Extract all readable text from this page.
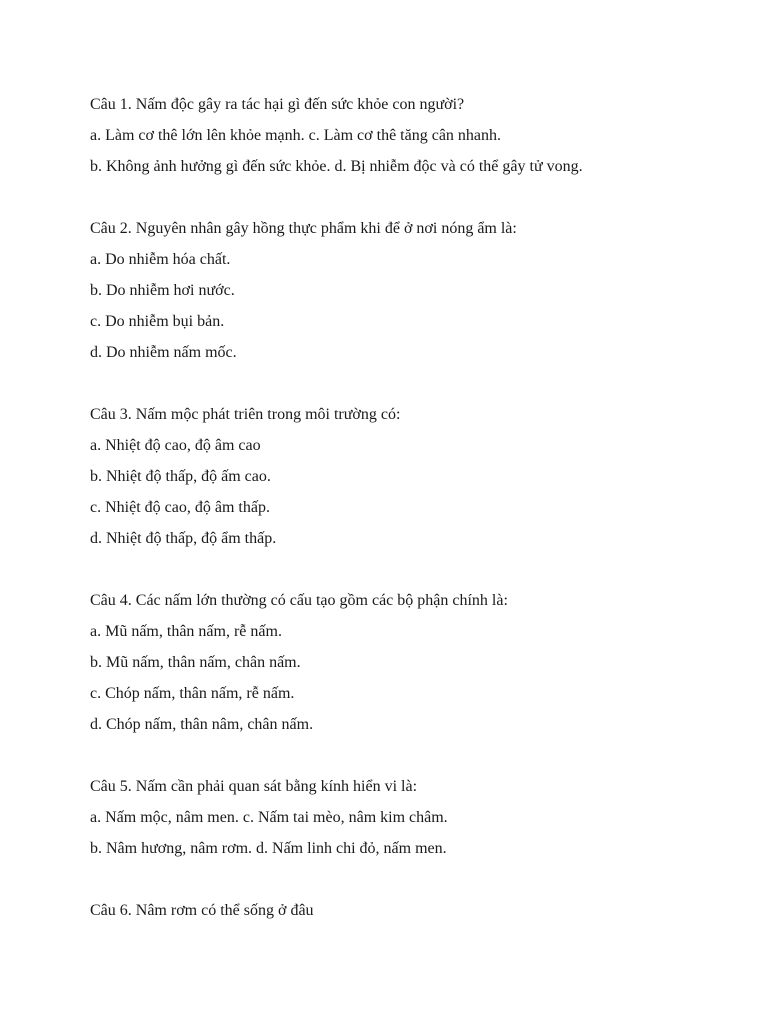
Câu 1. Nấm độc gây ra tác hại gì đến sức khỏe con người?
a. Làm cơ thê lớn lên khỏe mạnh. c. Làm cơ thê tăng cân nhanh.
b. Không ảnh hưởng gì đến sức khỏe. d. Bị nhiễm độc và có thể gây tử vong.
Câu 2. Nguyên nhân gây hồng thực phẩm khi để ở nơi nóng ẩm là:
a. Do nhiễm hóa chất.
b. Do nhiễm hơi nước.
c. Do nhiễm bụi bản.
d. Do nhiễm nấm mốc.
Câu 3. Nấm mộc phát triên trong môi trường có:
a. Nhiệt độ cao, độ âm cao
b. Nhiệt độ thấp, độ ấm cao.
c. Nhiệt độ cao, độ âm thấp.
d. Nhiệt độ thấp, độ ẩm thấp.
Câu 4. Các nấm lớn thường có cấu tạo gồm các bộ phận chính là:
a. Mũ nấm, thân nấm, rễ nấm.
b. Mũ nấm, thân nấm, chân nấm.
c. Chóp nấm, thân nấm, rễ nấm.
d. Chóp nấm, thân nâm, chân nấm.
Câu 5. Nấm cần phải quan sát bằng kính hiển vi là:
a. Nấm mộc, nâm men. c. Nấm tai mèo, nâm kim châm.
b. Nâm hương, nâm rơm. d. Nấm linh chi đỏ, nấm men.
Câu 6. Nâm rơm có thể sống ở đâu
